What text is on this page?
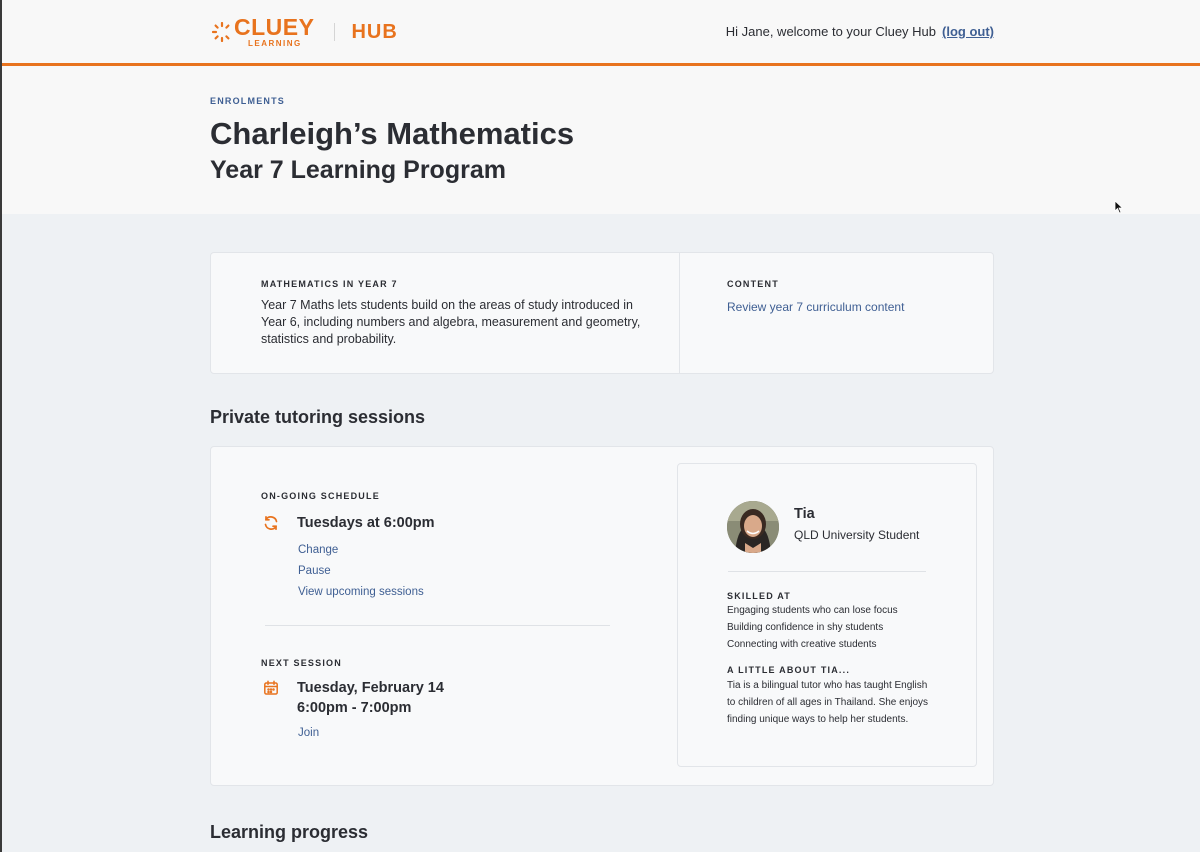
CLUEY
LEARNING
HUB	Hi Jane, welcome to your Cluey Hub (log out)
ENROLMENTS
Charleigh’s Mathematics
Year 7 Learning Program
MATHEMATICS IN YEAR 7

Year 7 Maths lets students build on the areas of study introduced in Year 6, including numbers and algebra, measurement and geometry, statistics and probability.

CONTENT
Review year 7 curriculum content
Private tutoring sessions
ON-GOING SCHEDULE
Tuesdays at 6:00pm
Change
Pause
View upcoming sessions
NEXT SESSION
Tuesday, February 14
6:00pm - 7:00pm
Join
Tia
QLD University Student
SKILLED AT
Engaging students who can lose focus
Building confidence in shy students
Connecting with creative students
A LITTLE ABOUT TIA...
Tia is a bilingual tutor who has taught English
to children of all ages in Thailand. She enjoys
finding unique ways to help her students.
Learning progress
